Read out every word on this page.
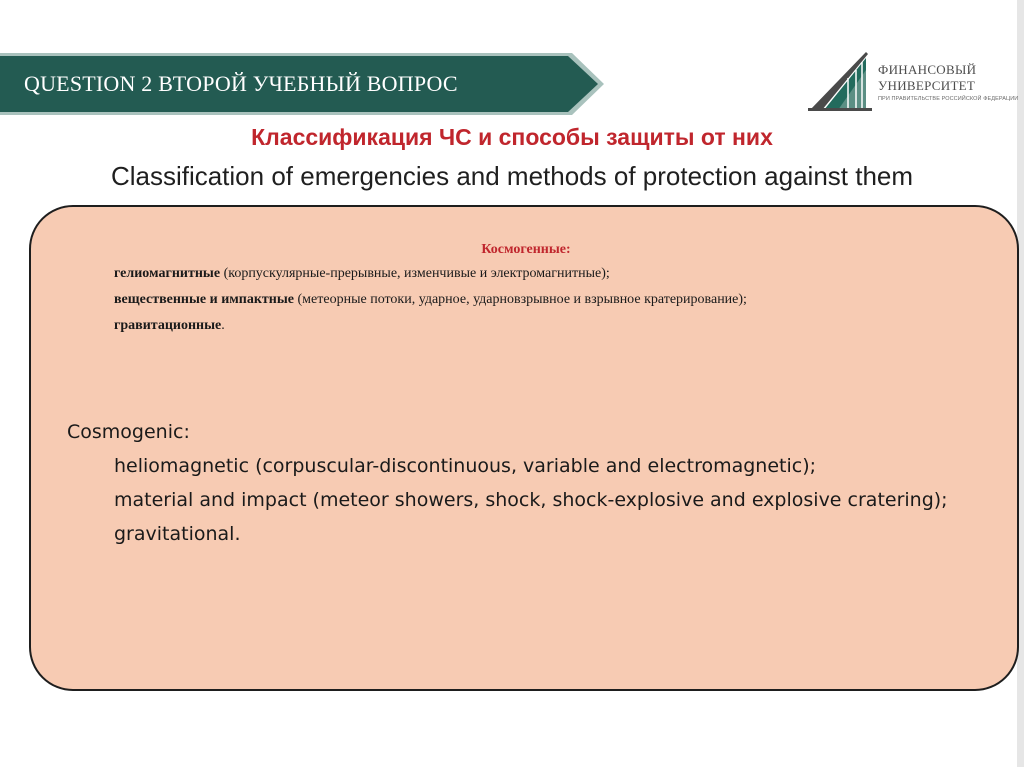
QUESTION 2 ВТОРОЙ УЧЕБНЫЙ ВОПРОС
ФИНАНСОВЫЙ
УНИВЕРСИТЕТ
ПРИ ПРАВИТЕЛЬСТВЕ РОССИЙСКОЙ ФЕДЕРАЦИИ
Классификация ЧС и способы защиты от них
Classification of emergencies and methods of protection against them

Космогенные:

гелиомагнитные (корпускулярные-прерывные, изменчивые и электромагнитные);

вещественные и импактные (метеорные потоки, ударное, ударновзрывное и взрывное кратерирование);

гравитационные.

Cosmogenic:

heliomagnetic (corpuscular-discontinuous, variable and electromagnetic);

material and impact (meteor showers, shock, shock-explosive and explosive cratering);

gravitational.
